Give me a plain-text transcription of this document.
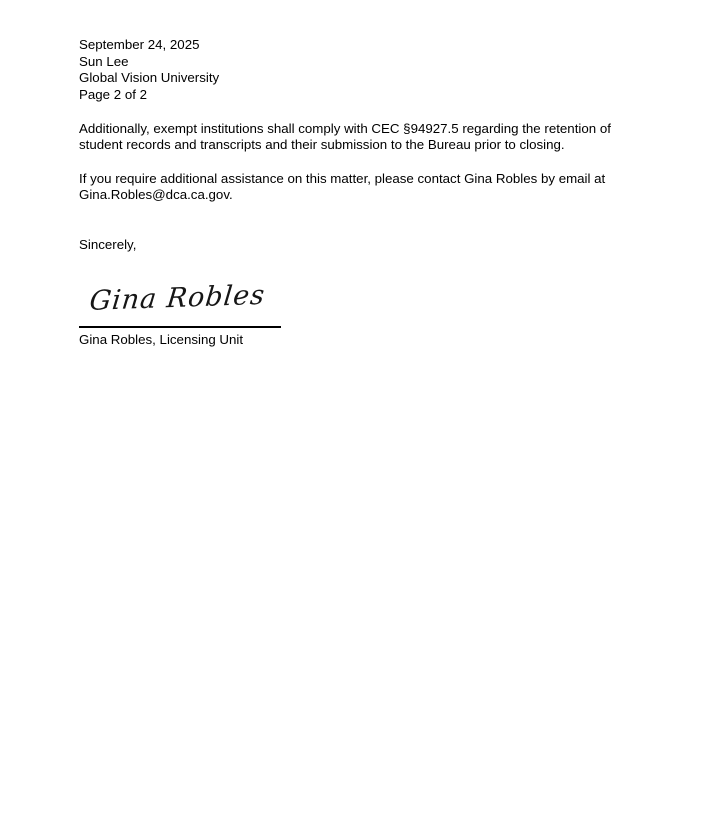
September 24, 2025
Sun Lee
Global Vision University
Page 2 of 2

Additionally, exempt institutions shall comply with CEC §94927.5 regarding the retention of student records and transcripts and their submission to the Bureau prior to closing.

If you require additional assistance on this matter, please contact Gina Robles by email at Gina.Robles@dca.ca.gov.

Sincerely,
Gina Robles
Gina Robles, Licensing Unit
